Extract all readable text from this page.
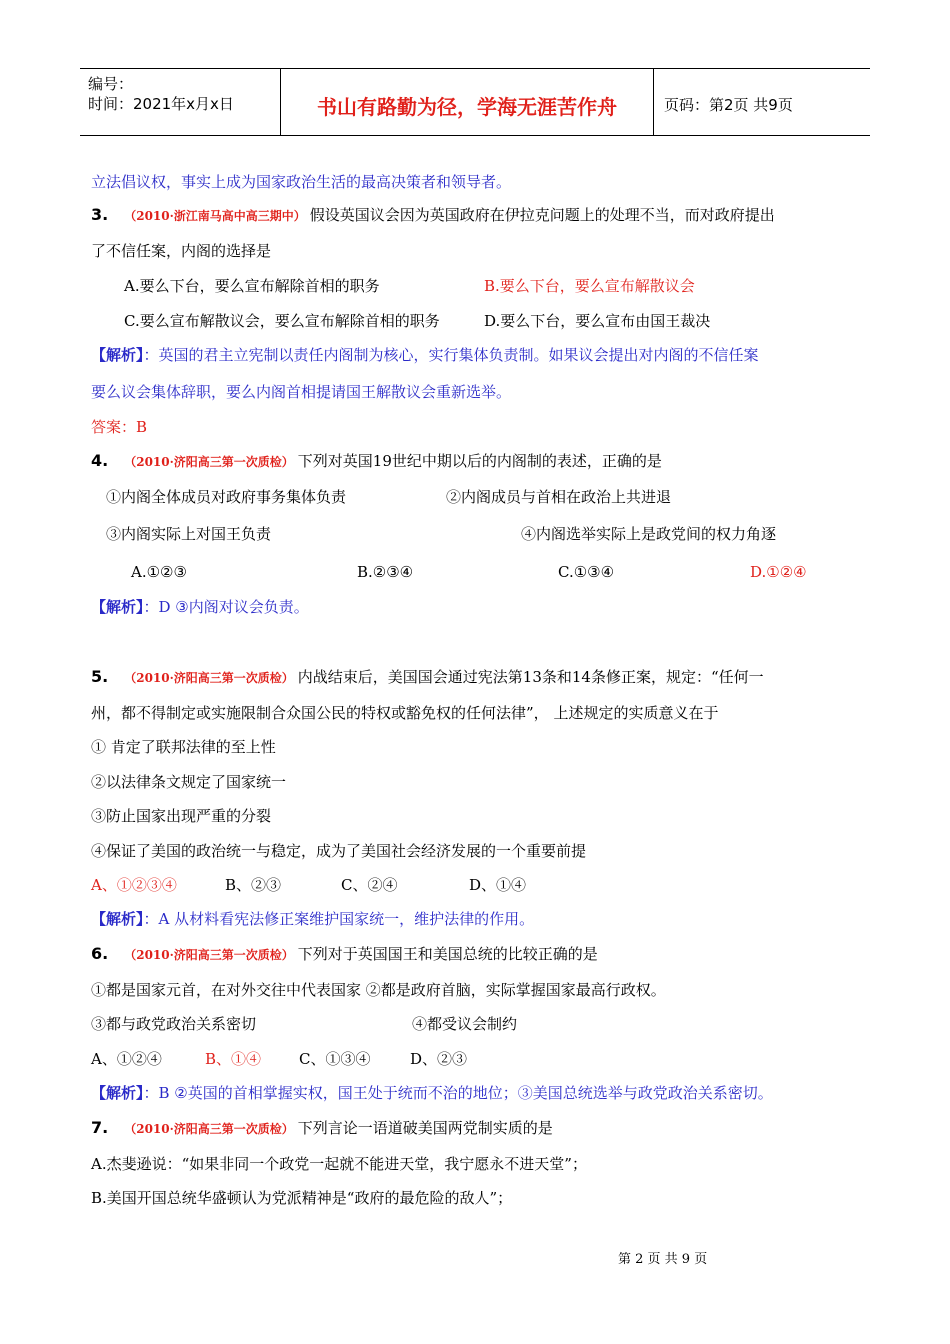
编号：
时间：2021年x月x日	书山有路勤为径，学海无涯苦作舟	页码：第2页 共9页
立法倡议权，事实上成为国家政治生活的最高决策者和领导者。
3. （2010·浙江南马高中高三期中） 假设英国议会因为英国政府在伊拉克问题上的处理不当，而对政府提出
了不信任案，内阁的选择是
A.要么下台，要么宣布解除首相的职务	B.要么下台，要么宣布解散议会
C.要么宣布解散议会，要么宣布解除首相的职务	D.要么下台，要么宣布由国王裁决
【解析】：英国的君主立宪制以责任内阁制为核心，实行集体负责制。如果议会提出对内阁的不信任案
要么议会集体辞职，要么内阁首相提请国王解散议会重新选举。
答案：B
4. （2010·济阳高三第一次质检） 下列对英国19世纪中期以后的内阁制的表述，正确的是
①内阁全体成员对政府事务集体负责	②内阁成员与首相在政治上共进退
③内阁实际上对国王负责	④内阁选举实际上是政党间的权力角逐
A.①②③	B.②③④	C.①③④	D.①②④
【解析】：D ③内阁对议会负责。
5. （2010·济阳高三第一次质检） 内战结束后，美国国会通过宪法第13条和14条修正案，规定：“任何一
州，都不得制定或实施限制合众国公民的特权或豁免权的任何法律”， 上述规定的实质意义在于
① 肯定了联邦法律的至上性
②以法律条文规定了国家统一
③防止国家出现严重的分裂
④保证了美国的政治统一与稳定，成为了美国社会经济发展的一个重要前提
A、①②③④	B、②③	C、②④	D、①④
【解析】：A 从材料看宪法修正案维护国家统一，维护法律的作用。
6. （2010·济阳高三第一次质检） 下列对于英国国王和美国总统的比较正确的是
①都是国家元首，在对外交往中代表国家 ②都是政府首脑，实际掌握国家最高行政权。
③都与政党政治关系密切	④都受议会制约
A、①②④	B、①④	C、①③④	D、②③
【解析】：B ②英国的首相掌握实权，国王处于统而不治的地位；③美国总统选举与政党政治关系密切。
7. （2010·济阳高三第一次质检） 下列言论一语道破美国两党制实质的是
A.杰斐逊说：“如果非同一个政党一起就不能进天堂，我宁愿永不进天堂”；
B.美国开国总统华盛顿认为党派精神是“政府的最危险的敌人”；
第 2 页 共 9 页
